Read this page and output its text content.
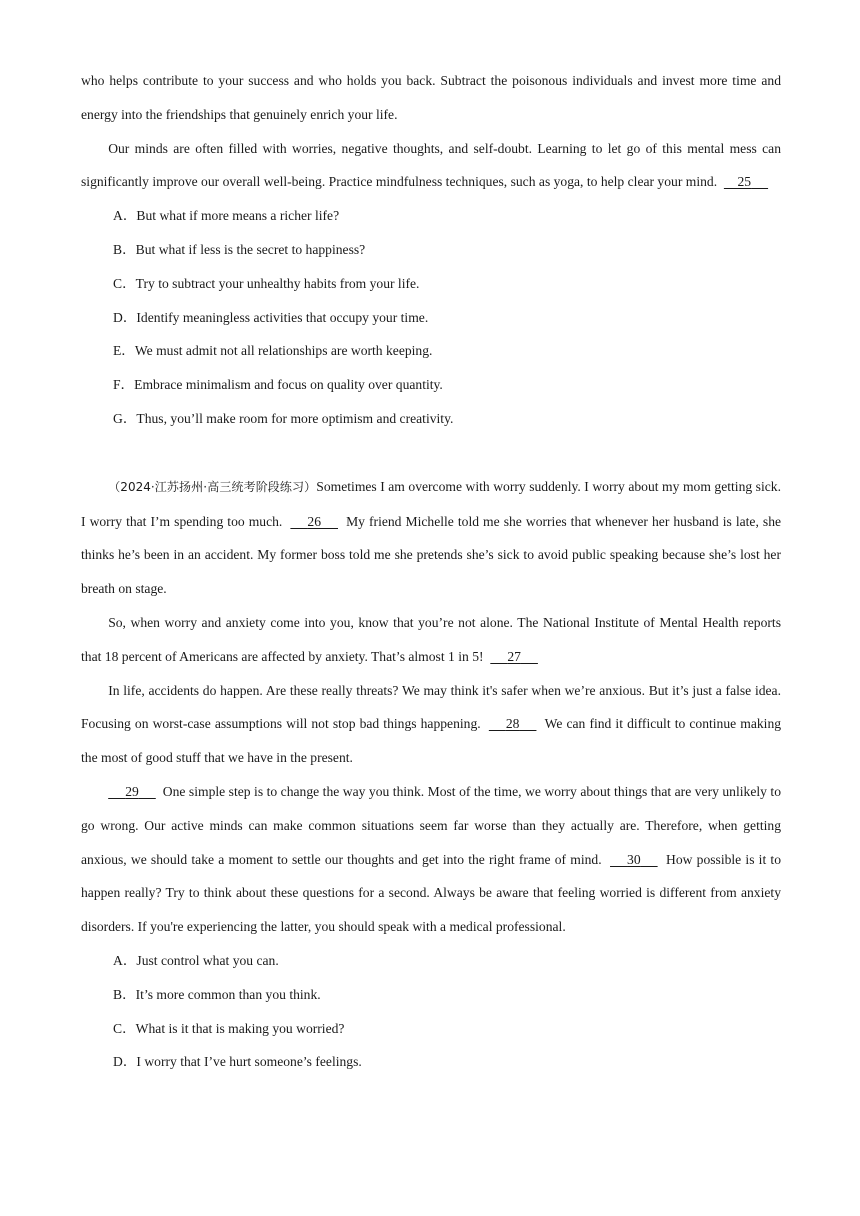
who helps contribute to your success and who holds you back. Subtract the poisonous individuals and invest more time and energy into the friendships that genuinely enrich your life.

Our minds are often filled with worries, negative thoughts, and self-doubt. Learning to let go of this mental mess can significantly improve our overall well-being. Practice mindfulness techniques, such as yoga, to help clear your mind. 25

A．But what if more means a richer life?

B．But what if less is the secret to happiness?

C．Try to subtract your unhealthy habits from your life.

D．Identify meaningless activities that occupy your time.

E．We must admit not all relationships are worth keeping.

F．Embrace minimalism and focus on quality over quantity.

G．Thus, you’ll make room for more optimism and creativity.

（2024·江苏扬州·高三统考阶段练习）Sometimes I am overcome with worry suddenly. I worry about my mom getting sick. I worry that I’m spending too much. 26 My friend Michelle told me she worries that whenever her husband is late, she thinks he’s been in an accident. My former boss told me she pretends she’s sick to avoid public speaking because she’s lost her breath on stage.

So, when worry and anxiety come into you, know that you’re not alone. The National Institute of Mental Health reports that 18 percent of Americans are affected by anxiety. That’s almost 1 in 5! 27

In life, accidents do happen. Are these really threats? We may think it's safer when we’re anxious. But it’s just a false idea. Focusing on worst-case assumptions will not stop bad things happening. 28 We can find it difficult to continue making the most of good stuff that we have in the present.

29 One simple step is to change the way you think. Most of the time, we worry about things that are very unlikely to go wrong. Our active minds can make common situations seem far worse than they actually are. Therefore, when getting anxious, we should take a moment to settle our thoughts and get into the right frame of mind. 30 How possible is it to happen really? Try to think about these questions for a second. Always be aware that feeling worried is different from anxiety disorders. If you're experiencing the latter, you should speak with a medical professional.

A．Just control what you can.

B．It’s more common than you think.

C．What is it that is making you worried?

D．I worry that I’ve hurt someone’s feelings.
